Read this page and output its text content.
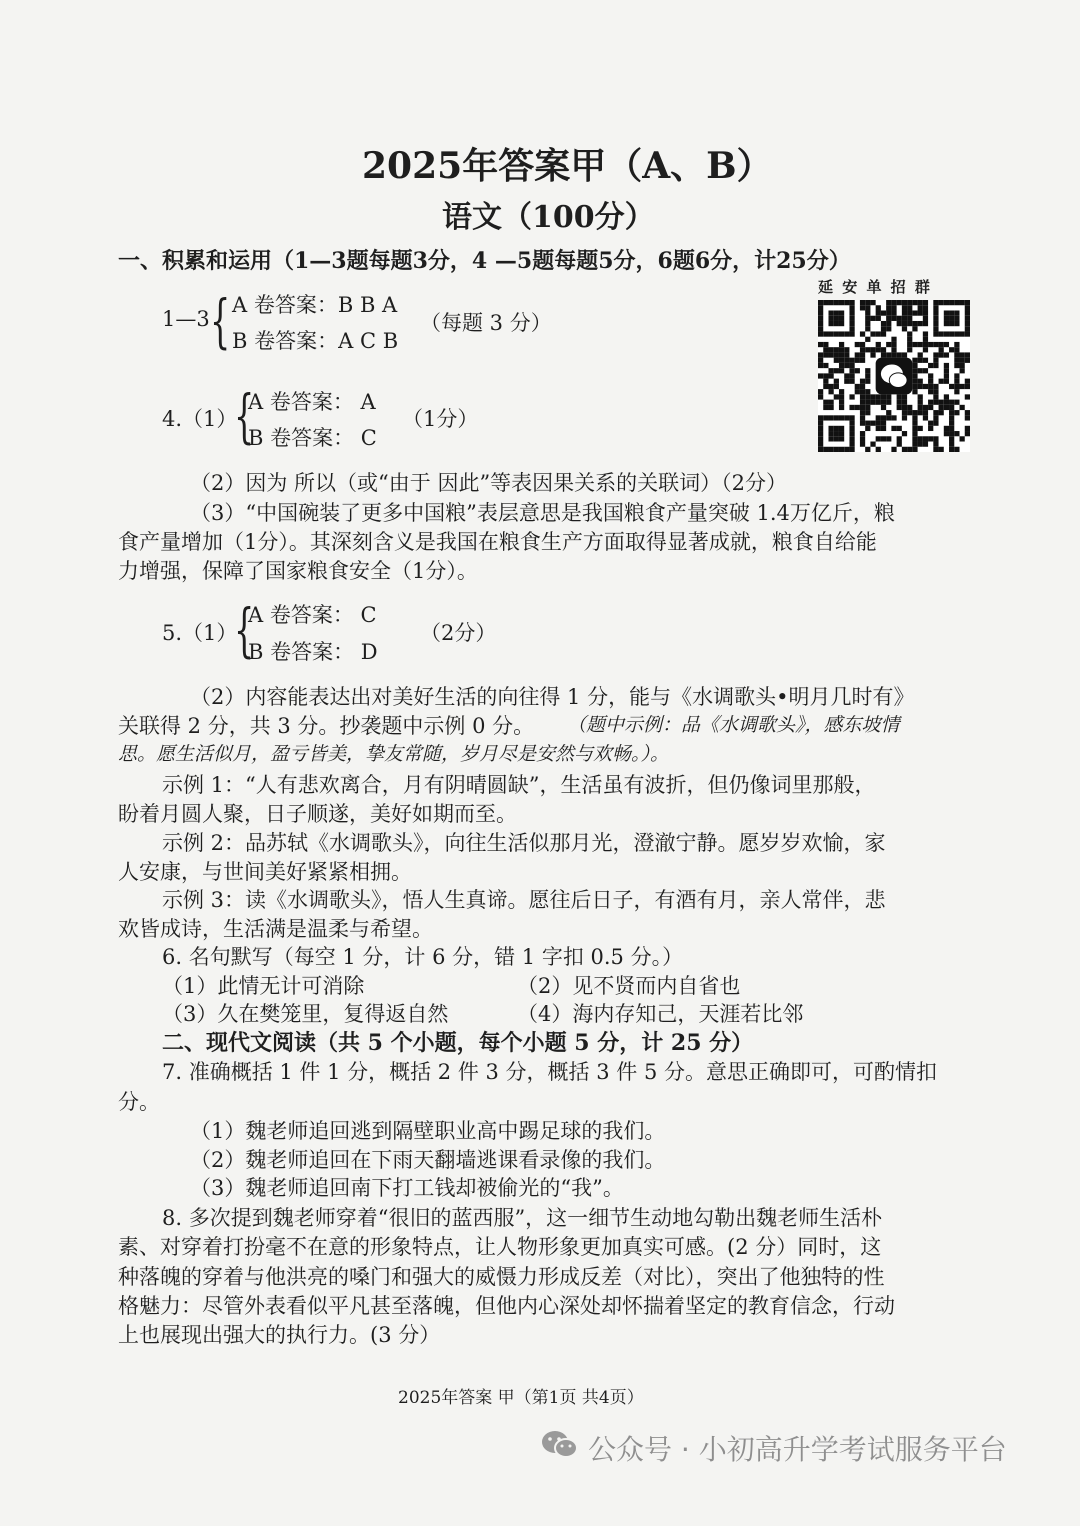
2025年答案甲（A、B）
语文（100分）
一、积累和运用（1—3题每题3分，4 —5题每题5分，6题6分，计25分）
延 安 单 招 群
1—3 { A 卷答案：B B A
B 卷答案：A C B
（每题 3 分）
4.（1）
{
A 卷答案： A
B 卷答案： C
（1分）
（2）因为 所以（或“由于 因此”等表因果关系的关联词）（2分）
（3）“中国碗装了更多中国粮”表层意思是我国粮食产量突破 1.4万亿斤，粮
食产量增加（1分）。其深刻含义是我国在粮食生产方面取得显著成就，粮食自给能
力增强，保障了国家粮食安全（1分）。
5.（1）
{
A 卷答案： C
B 卷答案： D
（2分）
（2）内容能表达出对美好生活的向往得 1 分，能与《水调歌头•明月几时有》
关联得 2 分，共 3 分。抄袭题中示例 0 分。 （题中示例：品《水调歌头》，感东坡情
思。愿生活似月，盈亏皆美，挚友常随，岁月尽是安然与欢畅。）。
示例 1：“人有悲欢离合，月有阴晴圆缺”，生活虽有波折，但仍像词里那般，
盼着月圆人聚，日子顺遂，美好如期而至。
示例 2：品苏轼《水调歌头》，向往生活似那月光，澄澈宁静。愿岁岁欢愉，家
人安康，与世间美好紧紧相拥。
示例 3：读《水调歌头》，悟人生真谛。愿往后日子，有酒有月，亲人常伴，悲
欢皆成诗，生活满是温柔与希望。
6. 名句默写（每空 1 分，计 6 分，错 1 字扣 0.5 分。）
（1）此情无计可消除	（2）见不贤而内自省也
（3）久在樊笼里，复得返自然	（4）海内存知己，天涯若比邻
二、现代文阅读（共 5 个小题，每个小题 5 分，计 25 分）
7. 准确概括 1 件 1 分，概括 2 件 3 分，概括 3 件 5 分。意思正确即可，可酌情扣
分。
（1）魏老师追回逃到隔壁职业高中踢足球的我们。
（2）魏老师追回在下雨天翻墙逃课看录像的我们。
（3）魏老师追回南下打工钱却被偷光的“我”。
8. 多次提到魏老师穿着“很旧的蓝西服”，这一细节生动地勾勒出魏老师生活朴
素、对穿着打扮毫不在意的形象特点，让人物形象更加真实可感。(2 分）同时，这
种落魄的穿着与他洪亮的嗓门和强大的威慑力形成反差（对比），突出了他独特的性
格魅力：尽管外表看似平凡甚至落魄，但他内心深处却怀揣着坚定的教育信念，行动
上也展现出强大的执行力。(3 分）
2025年答案 甲（第1页 共4页）
公众号 · 小初高升学考试服务平台
